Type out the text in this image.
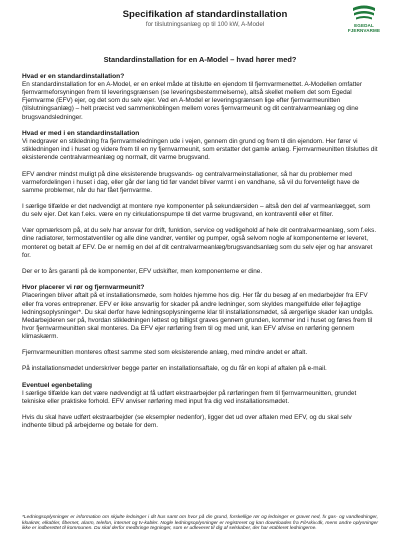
Specifikation af standardinstallation
for tilslutningsanlæg op til 100 kW, A-Model	EGEDAL
FJERNVARME
Standardinstallation for en A-Model – hvad hører med?
Hvad er en standardinstallation?

En standardinstallation for en A-Model, er en enkel måde at tilslutte en ejendom til fjernvarmenettet. A-Modellen omfatter fjernvarmeforsyningen frem til leveringsgrænsen (se leveringsbestemmelserne), altså skellet mellem det som Egedal Fjernvarme (EFV) ejer, og det som du selv ejer. Ved en A-Model er leveringsgrænsen lige efter fjernvarmeunitten (tilslutningsanlæg) – helt præcist ved sammenkoblingen mellem vores fjernvarmeunit og dit centralvarmeanlæg og dine brugsvandsledninger.

Hvad er med i en standardinstallation

Vi nedgraver en stikledning fra fjernvarmeledningen ude i vejen, gennem din grund og frem til din ejendom. Her fører vi stikledningen ind i huset og videre frem til en ny fjernvarmeunit, som erstatter det gamle anlæg. Fjernvarmeunitten tilsluttes dit eksisterende centralvarmeanlæg og normalt, dit varme brugsvand.

EFV ændrer mindst muligt på dine eksisterende brugsvands- og centralvarmeinstallationer, så har du problemer med varmefordelingen i huset i dag, eller går der lang tid før vandet bliver varmt i en vandhane, så vil du forventeligt have de samme problemer, når du har fået fjernvarme.

I særlige tilfælde er det nødvendigt at montere nye komponenter på sekundærsiden – altså den del af varmeanlægget, som du selv ejer. Det kan f.eks. være en ny cirkulationspumpe til det varme brugsvand, en kontraventil eller et filter.

Vær opmærksom på, at du selv har ansvar for drift, funktion, service og vedligehold af hele dit centralvarmeanlæg, som f.eks. dine radiatorer, termostatventiler og alle dine vandrør, ventiler og pumper, også selvom nogle af komponenterne er leveret, monteret og betalt af EFV. De er nemlig en del af dit centralvarmeanlæg/brugsvandsanlæg som du selv ejer og har ansvaret for.

Der er to års garanti på de komponenter, EFV udskifter, men komponenterne er dine.

Hvor placerer vi rør og fjernvarmeunit?

Placeringen bliver aftalt på et installationsmøde, som holdes hjemme hos dig. Her får du besøg af en medarbejder fra EFV eller fra vores entreprenør. EFV er ikke ansvarlig for skader på andre ledninger, som skyldes mangelfulde eller fejlagtige ledningsoplysninger*. Du skal derfor have ledningsoplysningerne klar til installationsmødet, så ærgerlige skader kan undgås. Medarbejderen ser på, hvordan stikledningen lettest og billigst graves gennem grunden, kommer ind i huset og føres frem til hvor fjernvarmeunitten skal monteres. Da EFV ejer rørføring frem til og med unit, kan EFV afvise en rørføring gennem klimaskærm.

Fjernvarmeunitten monteres oftest samme sted som eksisterende anlæg, med mindre andet er aftalt.

På installationsmødet underskriver begge parter en installationsaftale, og du får en kopi af aftalen på e-mail.

Eventuel egenbetaling

I særlige tilfælde kan det være nødvendigt at få udført ekstraarbejder på rørføringen frem til fjernvarmeunitten, grundet tekniske eller praktiske forhold. EFV anviser rørføring med input fra dig ved installationsmødet.

Hvis du skal have udført ekstraarbejder (se eksempler nedenfor), ligger det ud over aftalen med EFV, og du skal selv indhente tilbud på arbejderne og betale for dem.

*Ledningsoplysninger er information om skjulte ledninger i dit hus samt om hvor på din grund, forskellige rør og ledninger er gravet ned, fx gas- og vandledninger, kloakrør, elkabler, fibernet, alarm, telefon, internet og tv-kabler. Nogle ledningsoplysninger er registreret og kan downloades fra FilArkiv.dk, mens andre oplysninger ikke er indberettet til kommunen. Du skal derfor medbringe tegninger, som er udleveret til dig af selskaber, der har etableret ledningerne.
